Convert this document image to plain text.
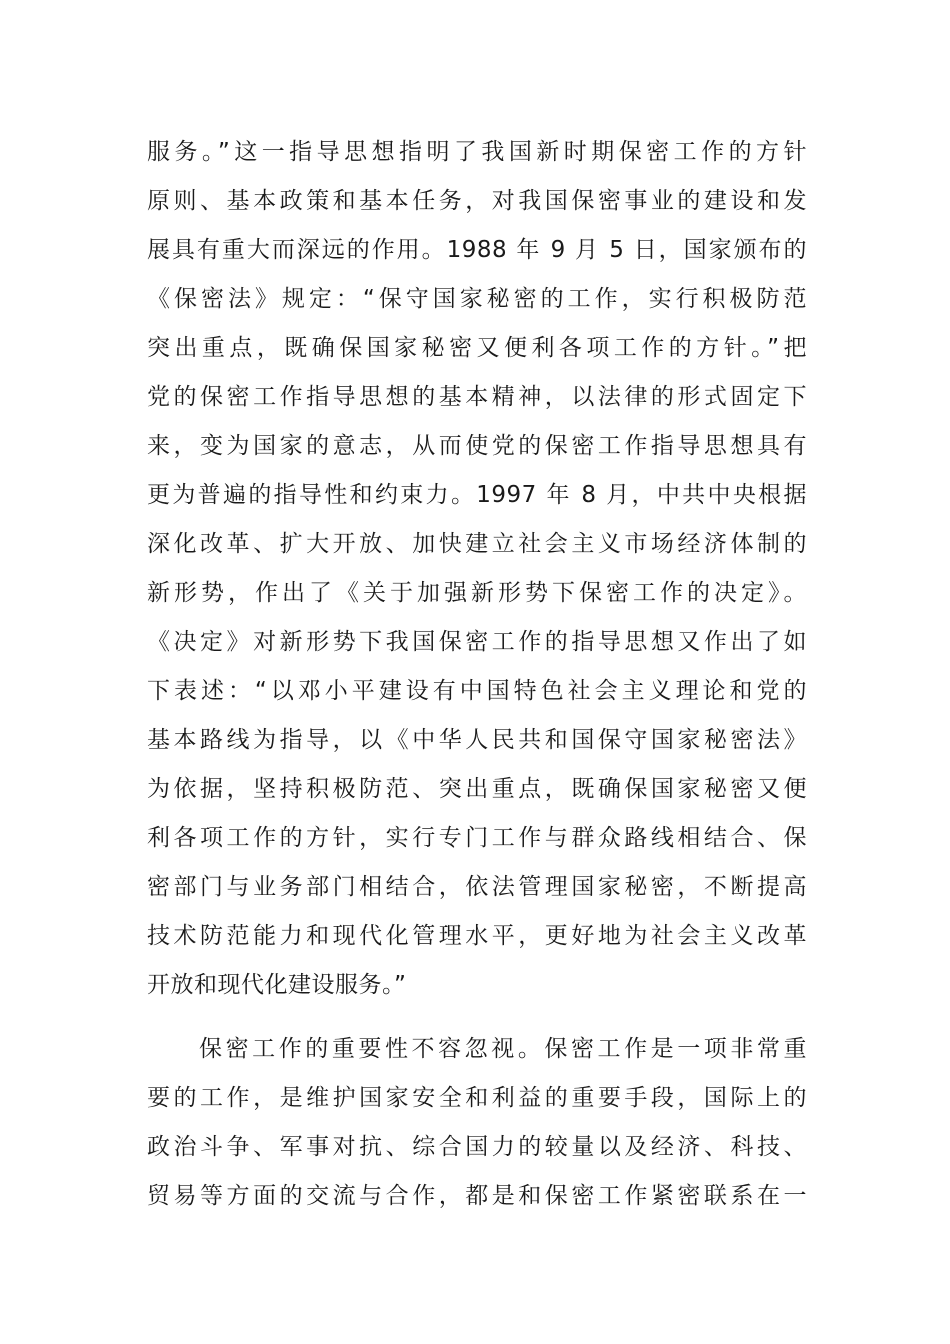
服务。”这一指导思想指明了我国新时期保密工作的方针
原则、基本政策和基本任务，对我国保密事业的建设和发
展具有重大而深远的作用。1988 年 9 月 5 日，国家颁布的
《保密法》规定：“保守国家秘密的工作，实行积极防范
突出重点，既确保国家秘密又便利各项工作的方针。”把
党的保密工作指导思想的基本精神，以法律的形式固定下
来，变为国家的意志，从而使党的保密工作指导思想具有
更为普遍的指导性和约束力。1997 年 8 月，中共中央根据
深化改革、扩大开放、加快建立社会主义市场经济体制的
新形势，作出了《关于加强新形势下保密工作的决定》。
《决定》对新形势下我国保密工作的指导思想又作出了如
下表述：“以邓小平建设有中国特色社会主义理论和党的
基本路线为指导，以《中华人民共和国保守国家秘密法》
为依据，坚持积极防范、突出重点，既确保国家秘密又便
利各项工作的方针，实行专门工作与群众路线相结合、保
密部门与业务部门相结合，依法管理国家秘密，不断提高
技术防范能力和现代化管理水平，更好地为社会主义改革
开放和现代化建设服务。”
保密工作的重要性不容忽视。保密工作是一项非常重
要的工作，是维护国家安全和利益的重要手段，国际上的
政治斗争、军事对抗、综合国力的较量以及经济、科技、
贸易等方面的交流与合作，都是和保密工作紧密联系在一
